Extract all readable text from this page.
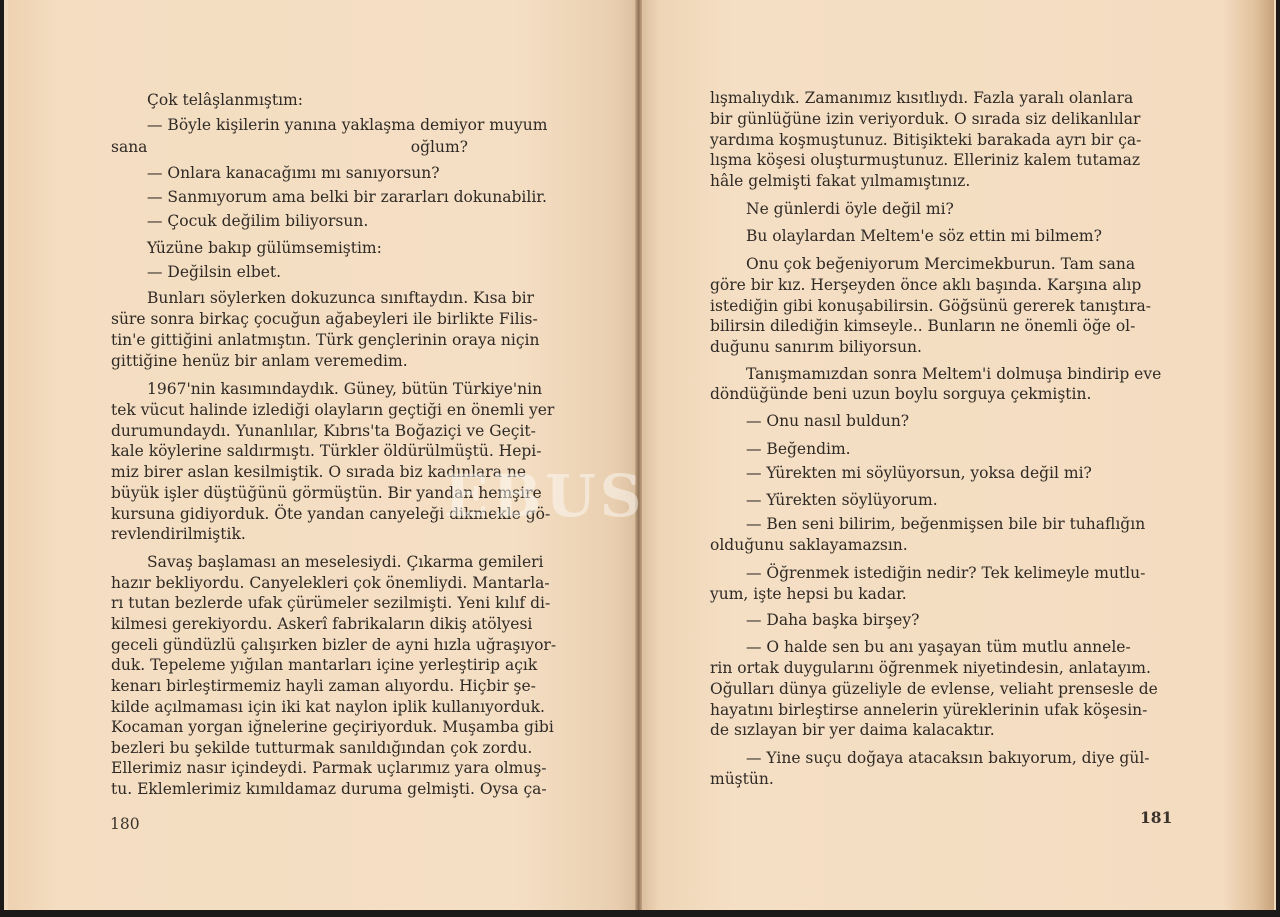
Çok telâşlanmıştım:
— Böyle kişilerin yanına yaklaşma demiyor muyum
sana oğlum?
— Onlara kanacağımı mı sanıyorsun?
— Sanmıyorum ama belki bir zararları dokunabilir.
— Çocuk değilim biliyorsun.
Yüzüne bakıp gülümsemiştim:
— Değilsin elbet.
Bunları söylerken dokuzunca sınıftaydın. Kısa bir
süre sonra birkaç çocuğun ağabeyleri ile birlikte Filis-
tin'e gittiğini anlatmıştın. Türk gençlerinin oraya niçin
gittiğine henüz bir anlam veremedim.
1967'nin kasımındaydık. Güney, bütün Türkiye'nin
tek vücut halinde izlediği olayların geçtiği en önemli yer
durumundaydı. Yunanlılar, Kıbrıs'ta Boğaziçi ve Geçit-
kale köylerine saldırmıştı. Türkler öldürülmüştü. Hepi-
miz birer aslan kesilmiştik. O sırada biz kadınlara ne
büyük işler düştüğünü görmüştün. Bir yandan hemşire
kursuna gidiyorduk. Öte yandan canyeleği dikmekle gö-
revlendirilmiştik.
Savaş başlaması an meselesiydi. Çıkarma gemileri
hazır bekliyordu. Canyelekleri çok önemliydi. Mantarla-
rı tutan bezlerde ufak çürümeler sezilmişti. Yeni kılıf di-
kilmesi gerekiyordu. Askerî fabrikaların dikiş atölyesi
geceli gündüzlü çalışırken bizler de ayni hızla uğraşıyor-
duk. Tepeleme yığılan mantarları içine yerleştirip açık
kenarı birleştirmemiz hayli zaman alıyordu. Hiçbir şe-
kilde açılmaması için iki kat naylon iplik kullanıyorduk.
Kocaman yorgan iğnelerine geçiriyorduk. Muşamba gibi
bezleri bu şekilde tutturmak sanıldığından çok zordu.
Ellerimiz nasır içindeydi. Parmak uçlarımız yara olmuş-
tu. Eklemlerimiz kımıldamaz duruma gelmişti. Oysa ça-
180
lışmalıydık. Zamanımız kısıtlıydı. Fazla yaralı olanlara
bir günlüğüne izin veriyorduk. O sırada siz delikanlılar
yardıma koşmuştunuz. Bitişikteki barakada ayrı bir ça-
lışma köşesi oluşturmuştunuz. Elleriniz kalem tutamaz
hâle gelmişti fakat yılmamıştınız.
Ne günlerdi öyle değil mi?
Bu olaylardan Meltem'e söz ettin mi bilmem?
Onu çok beğeniyorum Mercimekburun. Tam sana
göre bir kız. Herşeyden önce aklı başında. Karşına alıp
istediğin gibi konuşabilirsin. Göğsünü gererek tanıştıra-
bilirsin dilediğin kimseyle.. Bunların ne önemli öğe ol-
duğunu sanırım biliyorsun.
Tanışmamızdan sonra Meltem'i dolmuşa bindirip eve
döndüğünde beni uzun boylu sorguya çekmiştin.
— Onu nasıl buldun?
— Beğendim.
— Yürekten mi söylüyorsun, yoksa değil mi?
— Yürekten söylüyorum.
— Ben seni bilirim, beğenmişsen bile bir tuhaflığın
olduğunu saklayamazsın.
— Öğrenmek istediğin nedir? Tek kelimeyle mutlu-
yum, işte hepsi bu kadar.
— Daha başka birşey?
— O halde sen bu anı yaşayan tüm mutlu annele-
rin ortak duygularını öğrenmek niyetindesin, anlatayım.
Oğulları dünya güzeliyle de evlense, veliaht prensesle de
hayatını birleştirse annelerin yüreklerinin ufak köşesin-
de sızlayan bir yer daima kalacaktır.
— Yine suçu doğaya atacaksın bakıyorum, diye gül-
müştün.
181
EBUS
